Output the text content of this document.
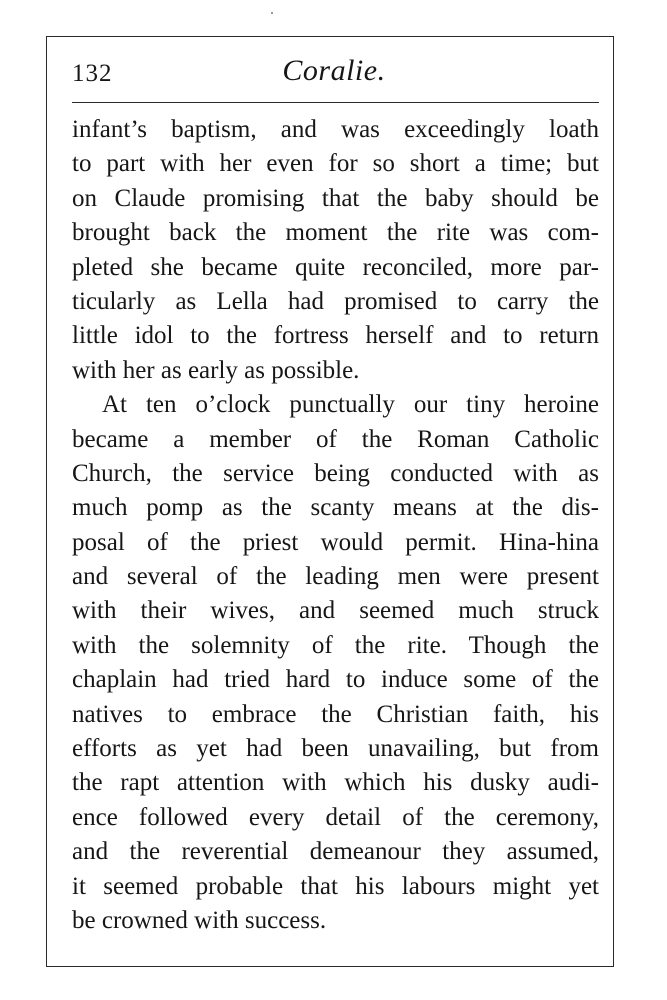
132	Coralie.
infant’s baptism, and was exceedingly loath
to part with her even for so short a time; but
on Claude promising that the baby should be
brought back the moment the rite was com-
pleted she became quite reconciled, more par-
ticularly as Lella had promised to carry the
little idol to the fortress herself and to return
with her as early as possible.
At ten o’clock punctually our tiny heroine
became a member of the Roman Catholic
Church, the service being conducted with as
much pomp as the scanty means at the dis-
posal of the priest would permit. Hina-hina
and several of the leading men were present
with their wives, and seemed much struck
with the solemnity of the rite. Though the
chaplain had tried hard to induce some of the
natives to embrace the Christian faith, his
efforts as yet had been unavailing, but from
the rapt attention with which his dusky audi-
ence followed every detail of the ceremony,
and the reverential demeanour they assumed,
it seemed probable that his labours might yet
be crowned with success.
